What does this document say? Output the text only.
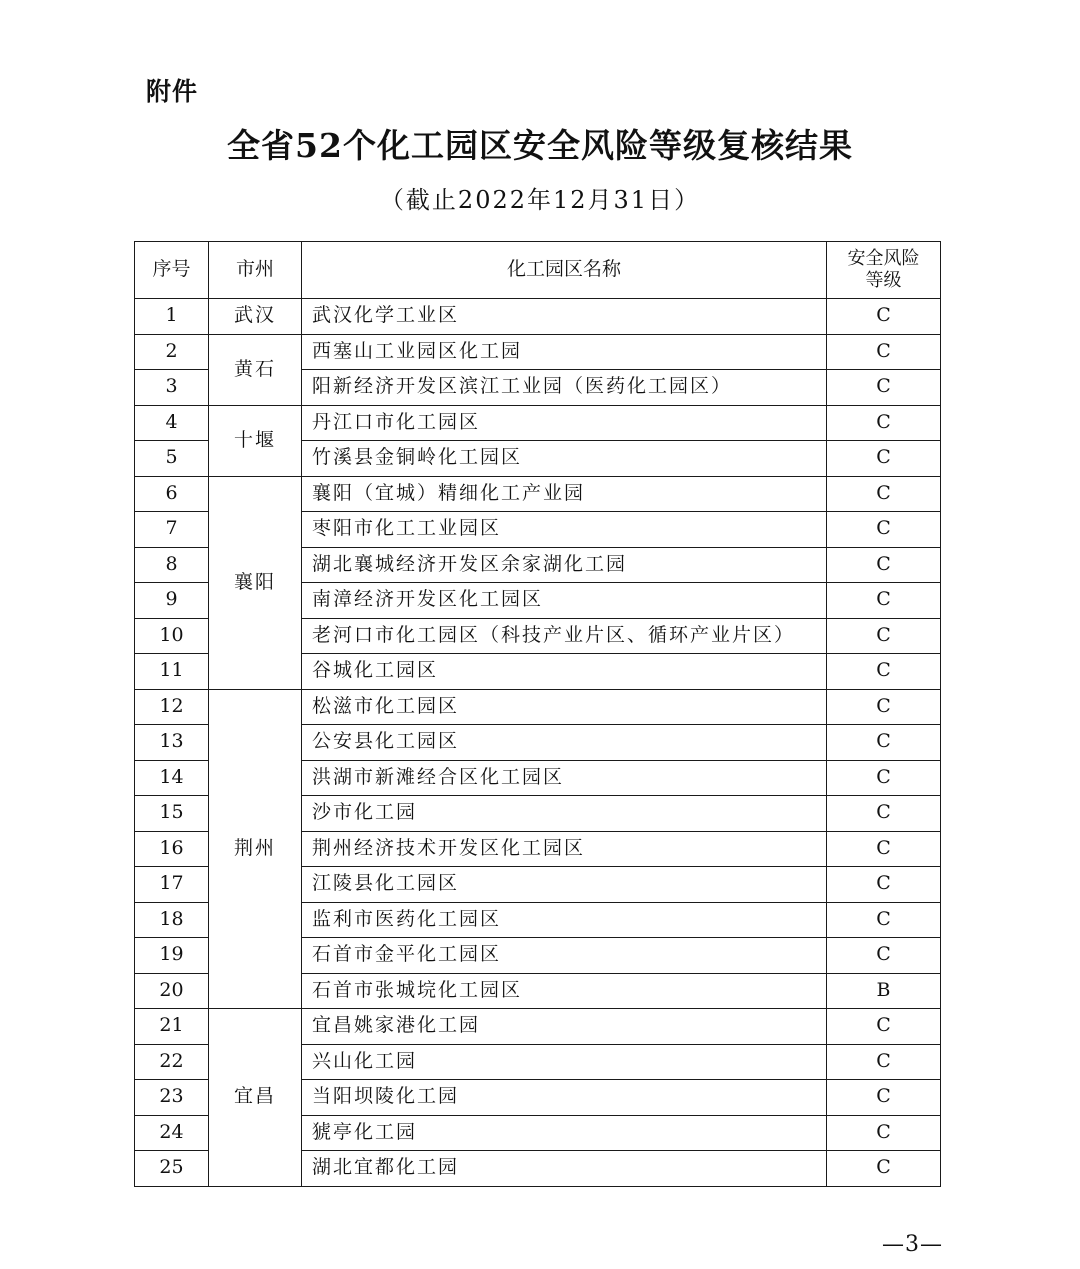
附件
全省52个化工园区安全风险等级复核结果
（截止2022年12月31日）
序号	市州	化工园区名称	安全风险
等级
1	武汉	武汉化学工业区	C
2	黄石	西塞山工业园区化工园	C
3		阳新经济开发区滨江工业园（医药化工园区）	C
4	十堰	丹江口市化工园区	C
5		竹溪县金铜岭化工园区	C
6	襄阳	襄阳（宜城）精细化工产业园	C
7		枣阳市化工工业园区	C
8		湖北襄城经济开发区余家湖化工园	C
9		南漳经济开发区化工园区	C
10		老河口市化工园区（科技产业片区、循环产业片区）	C
11		谷城化工园区	C
12	荆州	松滋市化工园区	C
13		公安县化工园区	C
14		洪湖市新滩经合区化工园区	C
15		沙市化工园	C
16		荆州经济技术开发区化工园区	C
17		江陵县化工园区	C
18		监利市医药化工园区	C
19		石首市金平化工园区	C
20		石首市张城垸化工园区	B
21	宜昌	宜昌姚家港化工园	C
22		兴山化工园	C
23		当阳坝陵化工园	C
24		猇亭化工园	C
25		湖北宜都化工园	C
—3—
